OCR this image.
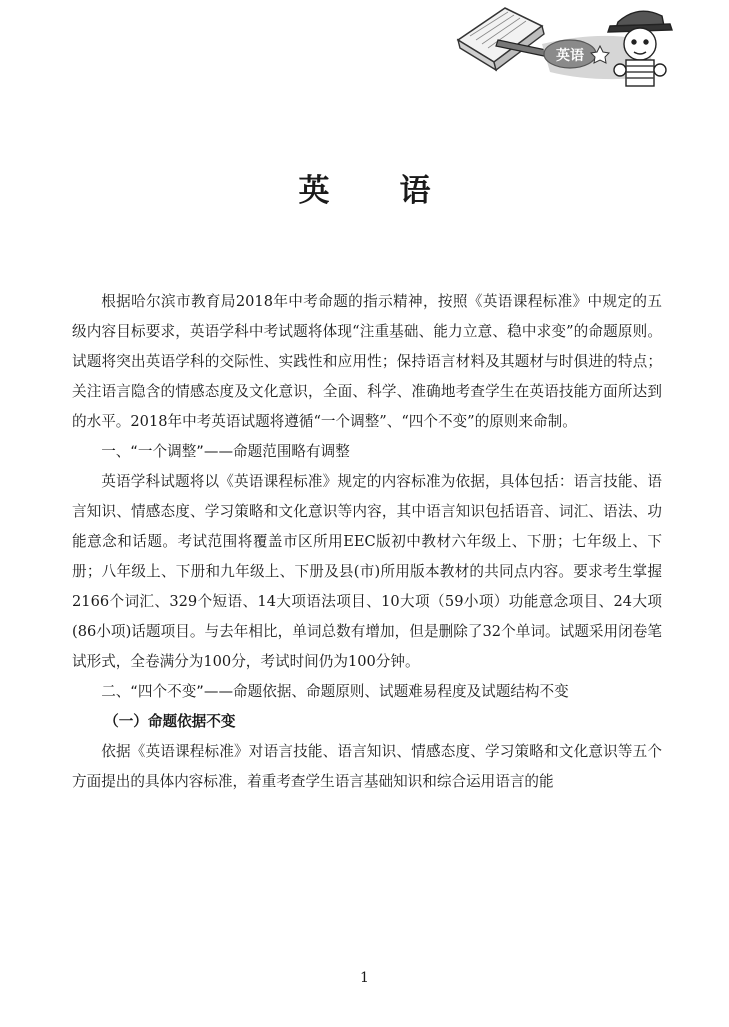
英语
英 语

根据哈尔滨市教育局2018年中考命题的指示精神，按照《英语课程标准》中规定的五级内容目标要求，英语学科中考试题将体现“注重基础、能力立意、稳中求变”的命题原则。试题将突出英语学科的交际性、实践性和应用性；保持语言材料及其题材与时俱进的特点；关注语言隐含的情感态度及文化意识，全面、科学、准确地考查学生在英语技能方面所达到的水平。2018年中考英语试题将遵循“一个调整”、“四个不变”的原则来命制。

一、“一个调整”——命题范围略有调整

英语学科试题将以《英语课程标准》规定的内容标准为依据，具体包括：语言技能、语言知识、情感态度、学习策略和文化意识等内容，其中语言知识包括语音、词汇、语法、功能意念和话题。考试范围将覆盖市区所用EEC版初中教材六年级上、下册；七年级上、下册；八年级上、下册和九年级上、下册及县(市)所用版本教材的共同点内容。要求考生掌握2166个词汇、329个短语、14大项语法项目、10大项（59小项）功能意念项目、24大项(86小项)话题项目。与去年相比，单词总数有增加，但是删除了32个单词。试题采用闭卷笔试形式，全卷满分为100分，考试时间仍为100分钟。

二、“四个不变”——命题依据、命题原则、试题难易程度及试题结构不变

（一）命题依据不变

依据《英语课程标准》对语言技能、语言知识、情感态度、学习策略和文化意识等五个方面提出的具体内容标准，着重考查学生语言基础知识和综合运用语言的能

1
